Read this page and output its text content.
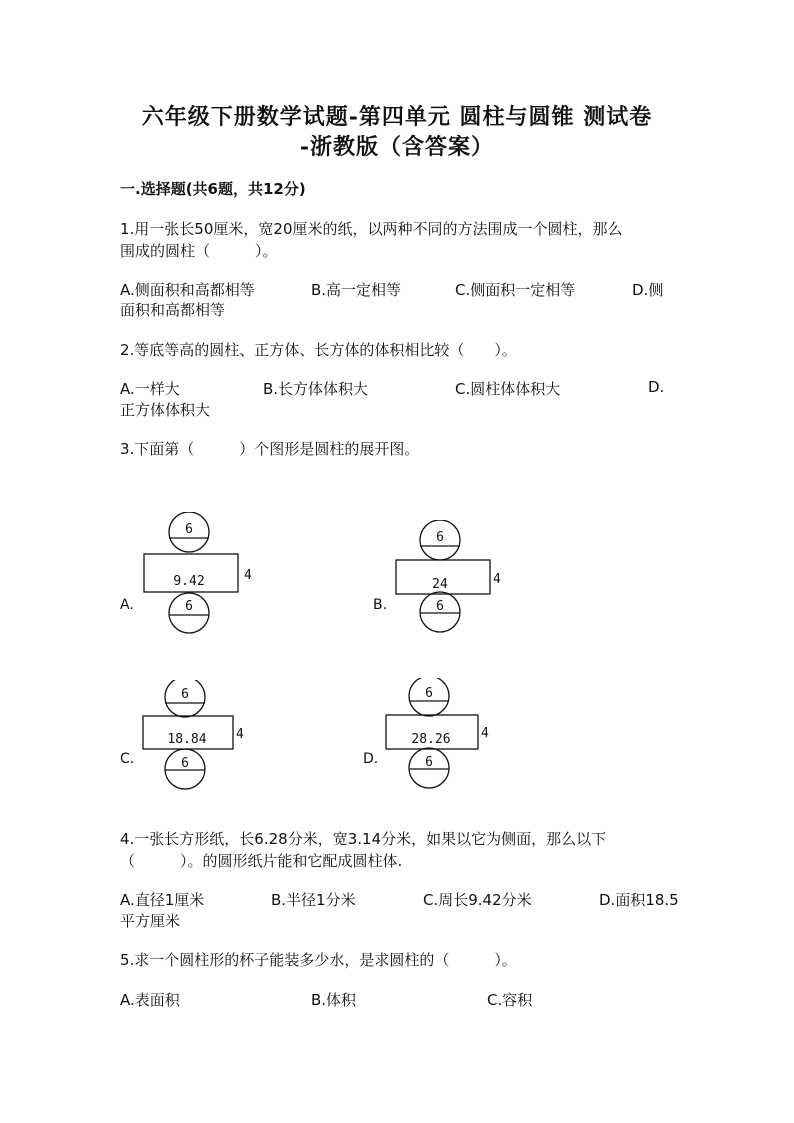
六年级下册数学试题-第四单元 圆柱与圆锥 测试卷
-浙教版（含答案）
一.选择题(共6题，共12分)
1.用一张长50厘米，宽20厘米的纸，以两种不同的方法围成一个圆柱，那么
围成的圆柱（　　　）。
A.侧面积和高都相等	B.高一定相等	C.侧面积一定相等	D.侧
面积和高都相等
2.等底等高的圆柱、正方体、长方体的体积相比较（　　）。
A.一样大	B.长方体体积大	C.圆柱体体积大	D.
正方体体积大
3.下面第（　　　）个图形是圆柱的展开图。
A.
6
9.42	4
6	B.
6
24	4
6
C.
6
18.84 4
6	D.
6
28.26 4
6
4.一张长方形纸，长6.28分米，宽3.14分米，如果以它为侧面，那么以下
（　　　）。的圆形纸片能和它配成圆柱体.
A.直径1厘米	B.半径1分米	C.周长9.42分米	D.面积18.5
平方厘米
5.求一个圆柱形的杯子能装多少水，是求圆柱的（　　　）。
A.表面积	B.体积	C.容积
